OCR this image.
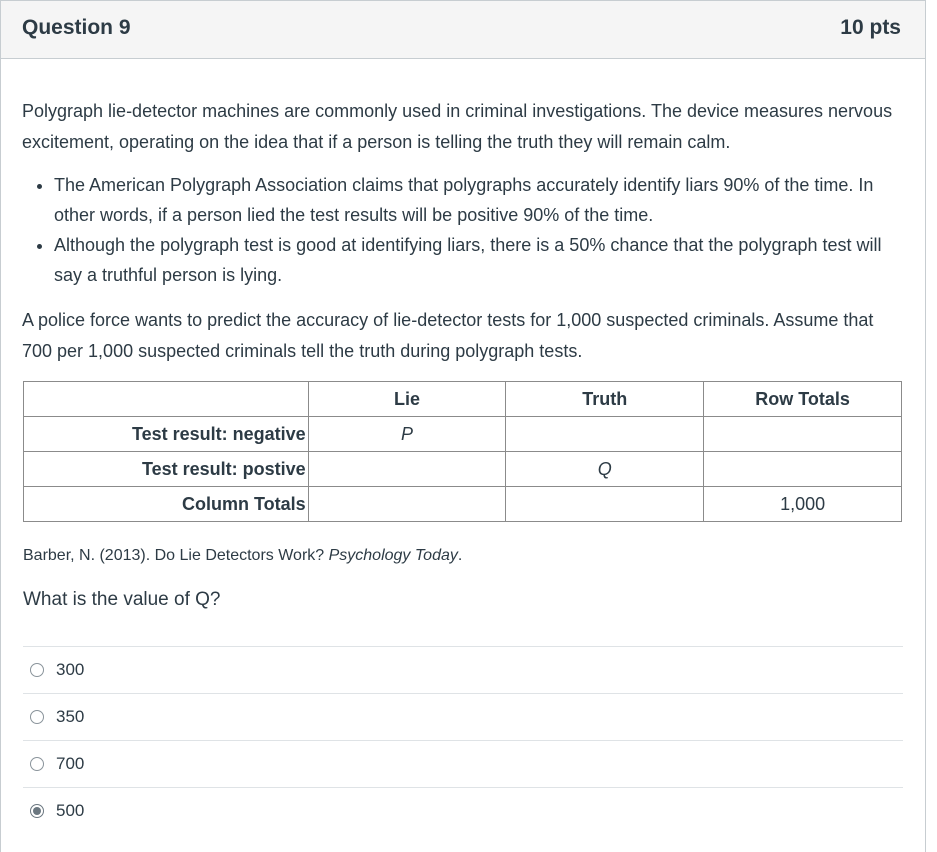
Question 9	10 pts

Polygraph lie-detector machines are commonly used in criminal investigations. The device measures nervous excitement, operating on the idea that if a person is telling the truth they will remain calm.

• The American Polygraph Association claims that polygraphs accurately identify liars 90% of the time. In other words, if a person lied the test results will be positive 90% of the time.
• Although the polygraph test is good at identifying liars, there is a 50% chance that the polygraph test will say a truthful person is lying.

A police force wants to predict the accuracy of lie-detector tests for 1,000 suspected criminals. Assume that 700 per 1,000 suspected criminals tell the truth during polygraph tests.

	Lie	Truth	Row Totals
Test result: negative	P		
Test result: postive		Q	
Column Totals			1,000
Barber, N. (2013). Do Lie Detectors Work? Psychology Today.
What is the value of Q?
300
350
700
500
